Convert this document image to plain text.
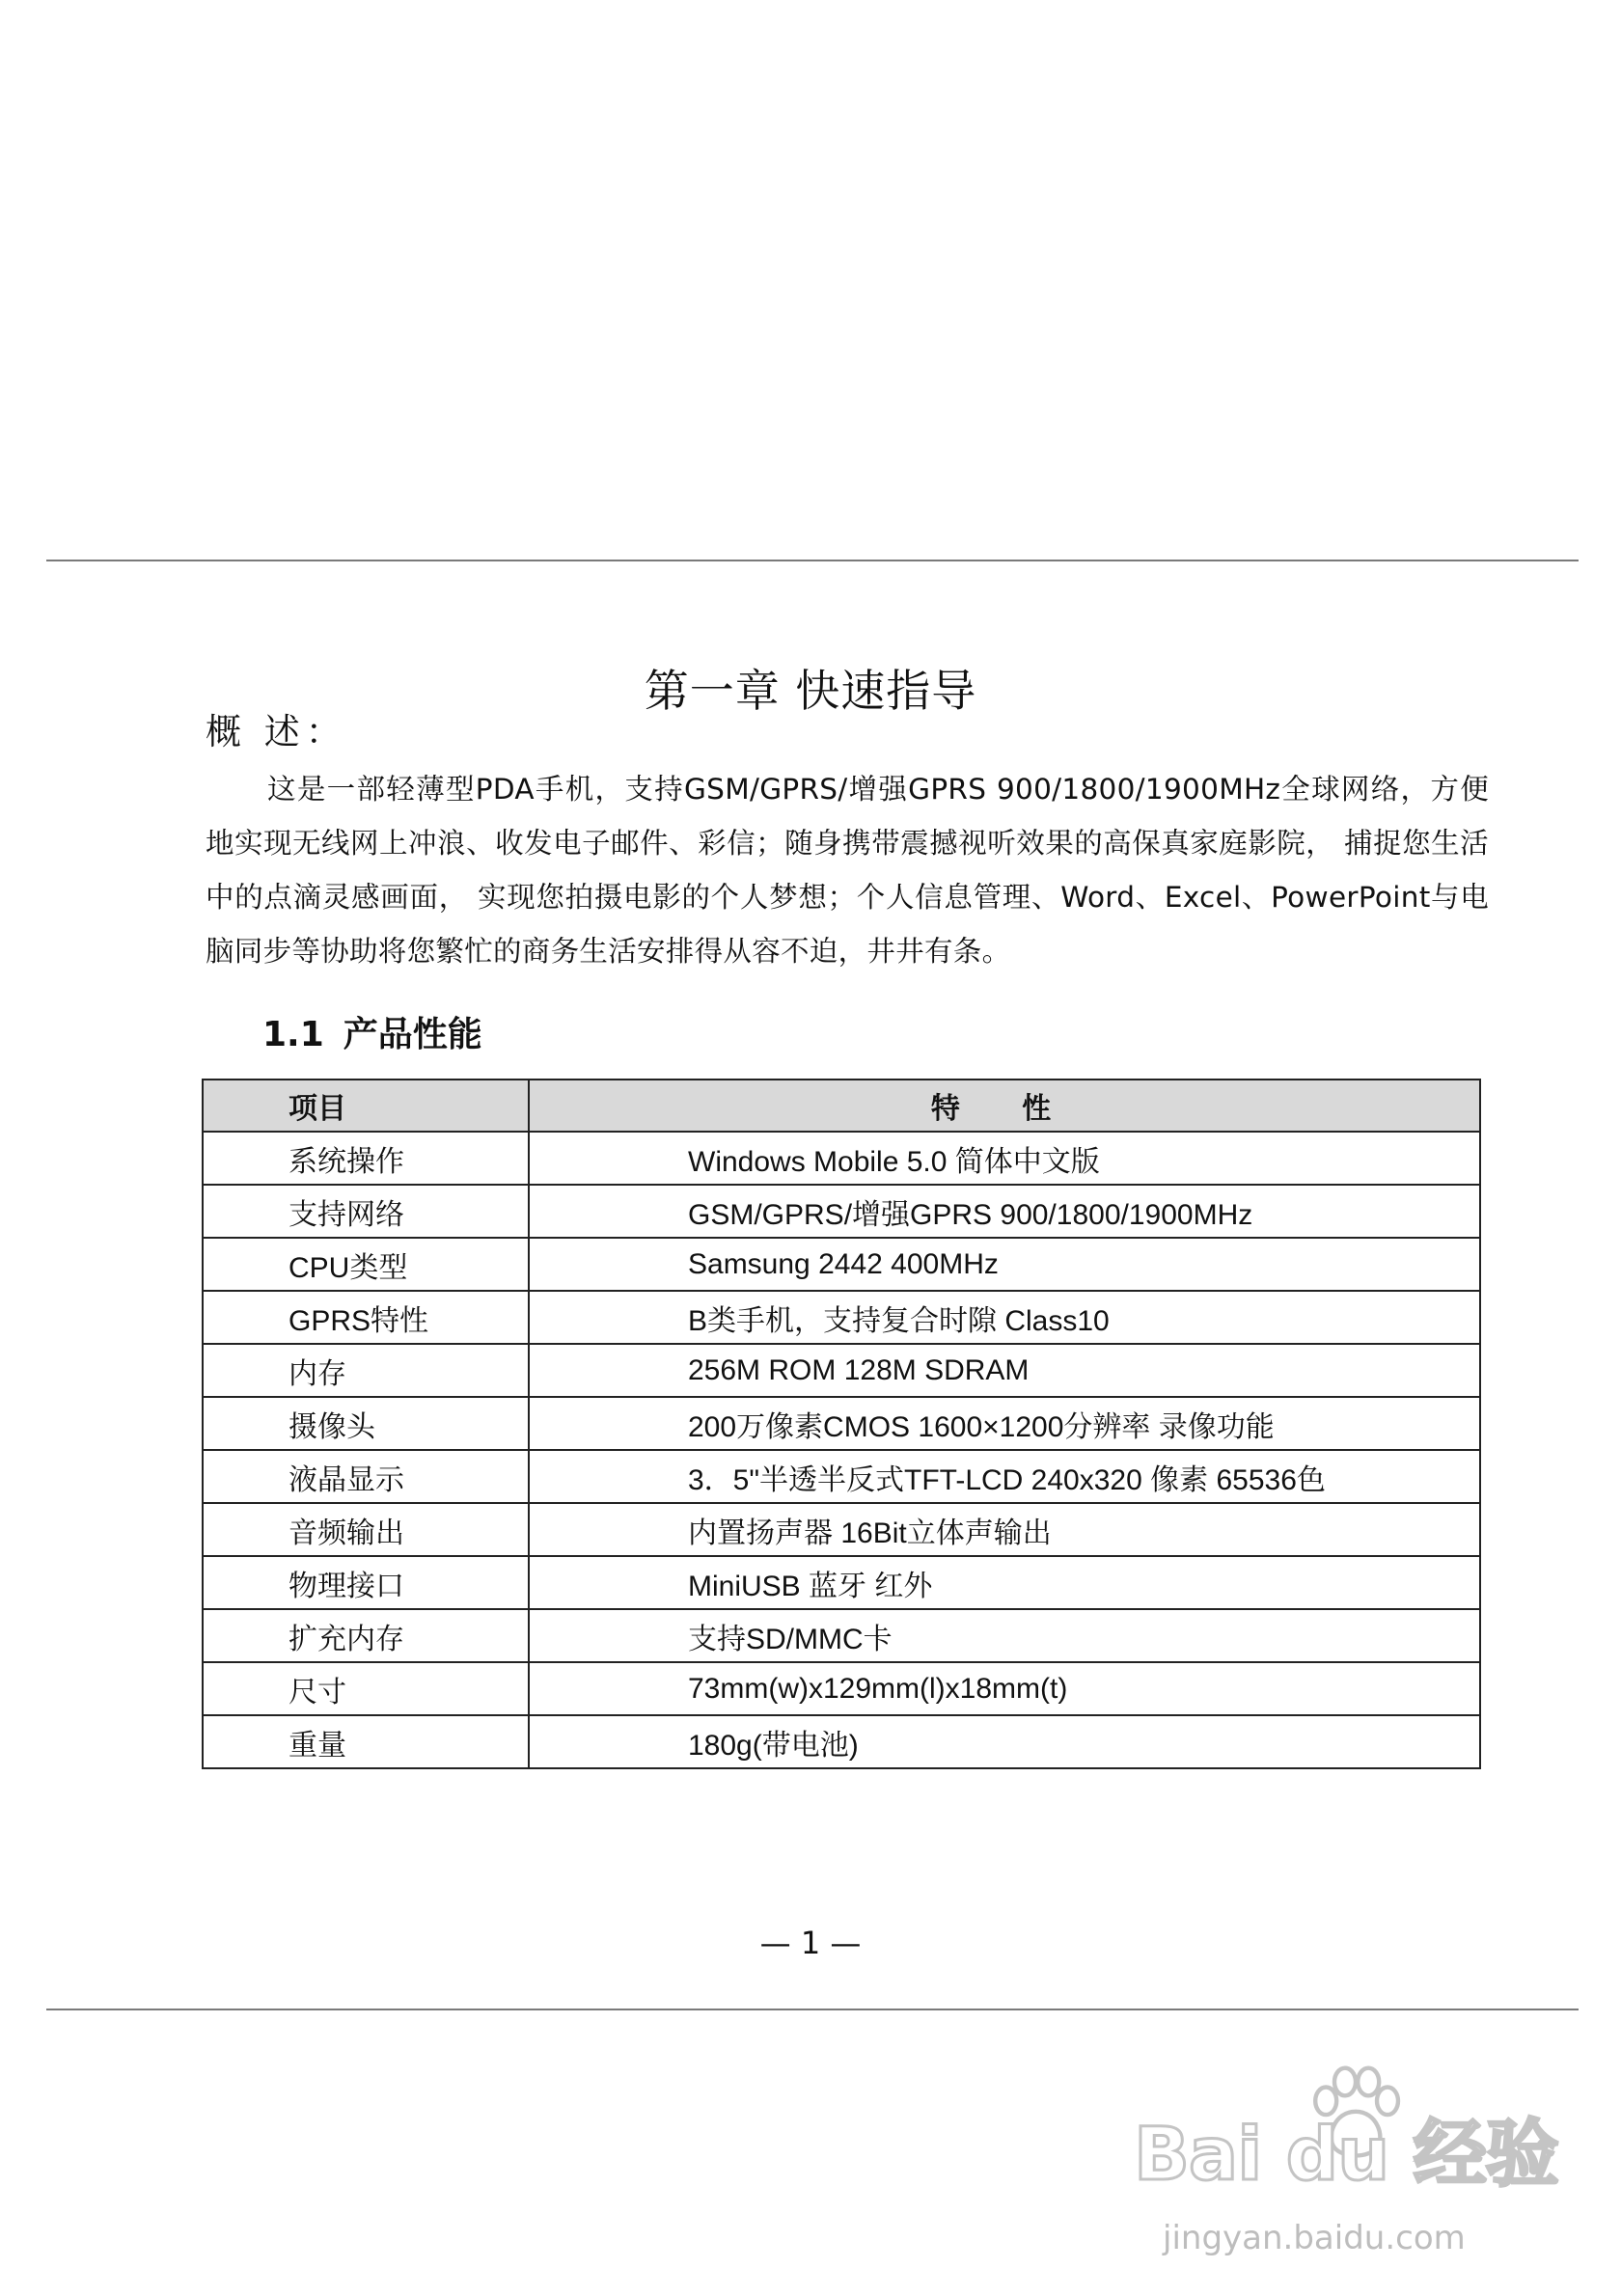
第一章 快速指导
概 述：

这是一部轻薄型PDA手机，支持GSM/GPRS/增强GPRS 900/1800/1900MHz全球网络，方便地实现无线网上冲浪、收发电子邮件、彩信；随身携带震撼视听效果的高保真家庭影院， 捕捉您生活中的点滴灵感画面， 实现您拍摄电影的个人梦想；个人信息管理、Word、Excel、PowerPoint与电脑同步等协助将您繁忙的商务生活安排得从容不迫，井井有条。

1.1 产品性能
项目	特 性
系统操作	Windows Mobile 5.0 简体中文版
支持网络	GSM/GPRS/增强GPRS 900/1800/1900MHz
CPU类型	Samsung 2442 400MHz
GPRS特性	B类手机，支持复合时隙 Class10
内存	256M ROM 128M SDRAM
摄像头	200万像素CMOS 1600×1200分辨率 录像功能
液晶显示	3．5"半透半反式TFT-LCD 240x320 像素 65536色
音频输出	内置扬声器 16Bit立体声输出
物理接口	MiniUSB 蓝牙 红外
扩充内存	支持SD/MMC卡
尺寸	73mm(w)x129mm(l)x18mm(t)
重量	180g(带电池)
— 1 —
Bai du 经验
jingyan.baidu.com
